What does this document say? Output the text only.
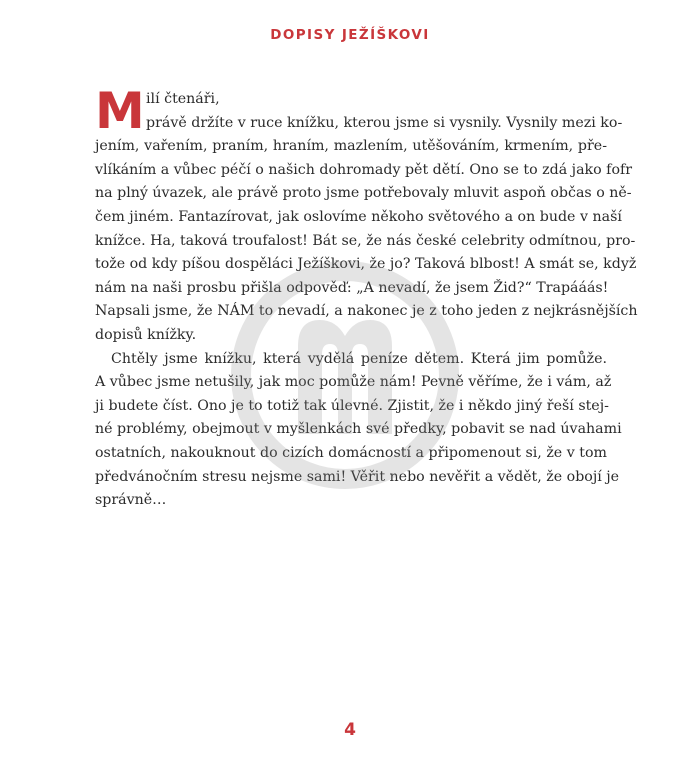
DOPISY JEŽÍŠKOVI
M ilí čtenáři,
právě držíte v ruce knížku, kterou jsme si vysnily. Vysnily mezi ko-
jením, vařením, praním, hraním, mazlením, utěšováním, krmením, pře-
vlíkáním a vůbec péčí o našich dohromady pět dětí. Ono se to zdá jako fofr
na plný úvazek, ale právě proto jsme potřebovaly mluvit aspoň občas o ně-
čem jiném. Fantazírovat, jak oslovíme někoho světového a on bude v naší
knížce. Ha, taková troufalost! Bát se, že nás české celebrity odmítnou, pro-
tože od kdy píšou dospěláci Ježíškovi, že jo? Taková blbost! A smát se, když
nám na naši prosbu přišla odpověď: „A nevadí, že jsem Žid?“ Trapááás!
Napsali jsme, že NÁM to nevadí, a nakonec je z toho jeden z nejkrásnějších
dopisů knížky.
Chtěly jsme knížku, která vydělá peníze dětem. Která jim pomůže.
A vůbec jsme netušily, jak moc pomůže nám! Pevně věříme, že i vám, až
ji budete číst. Ono je to totiž tak úlevné. Zjistit, že i někdo jiný řeší stej-
né problémy, obejmout v myšlenkách své předky, pobavit se nad úvahami
ostatních, nakouknout do cizích domácností a připomenout si, že v tom
předvánočním stresu nejsme sami! Věřit nebo nevěřit a vědět, že obojí je
správně…
4
